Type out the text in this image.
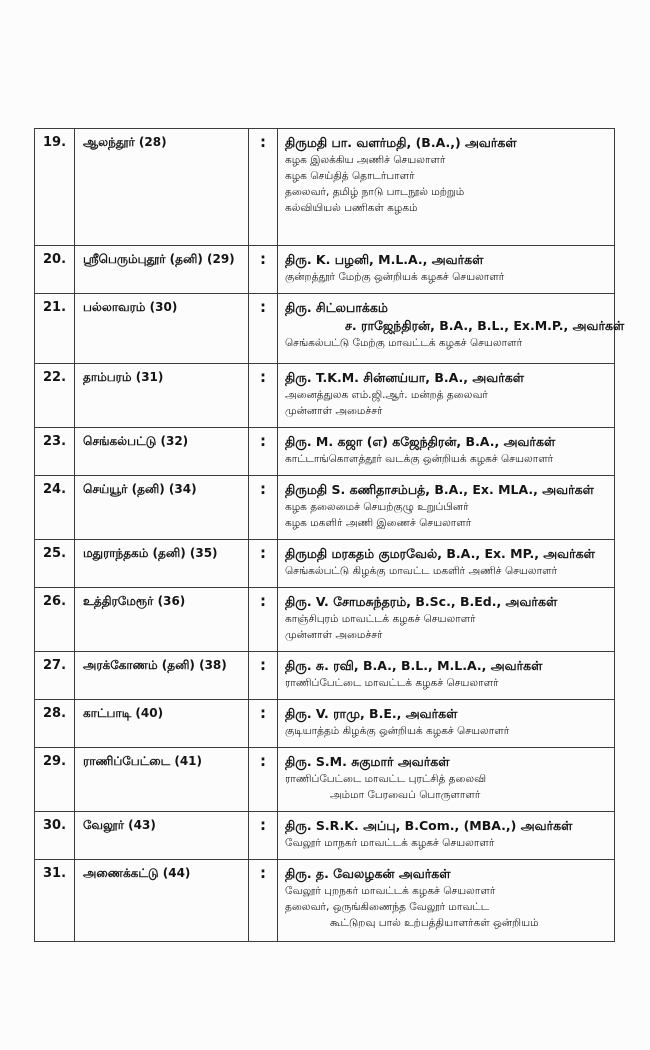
19.	ஆலந்தூர் (28)	:	திருமதி பா. வளர்மதி, (B.A.,) அவர்கள்
கழக இலக்கிய அணிச் செயலாளர்
கழக செய்தித் தொடர்பாளர்
தலைவர், தமிழ் நாடு பாடநூல் மற்றும்
கல்வியியல் பணிகள் கழகம்

20.	ஸ்ரீபெரும்புதூர் (தனி) (29)	:	திரு. K. பழனி, M.L.A., அவர்கள்
குன்றத்தூர் மேற்கு ஒன்றியக் கழகச் செயலாளர்

21.	பல்லாவரம் (30)	:	திரு. சிட்லபாக்கம்
ச. ராஜேந்திரன், B.A., B.L., Ex.M.P., அவர்கள்
செங்கல்பட்டு மேற்கு மாவட்டக் கழகச் செயலாளர்

22.	தாம்பரம் (31)	:	திரு. T.K.M. சின்னய்யா, B.A., அவர்கள்
அனைத்துலக எம்.ஜி.ஆர். மன்றத் தலைவர்
முன்னாள் அமைச்சர்

23.	செங்கல்பட்டு (32)	:	திரு. M. கஜா (எ) கஜேந்திரன், B.A., அவர்கள்
காட்டாங்கொளத்தூர் வடக்கு ஒன்றியக் கழகச் செயலாளர்

24.	செய்யூர் (தனி) (34)	:	திருமதி S. கணிதாசம்பத், B.A., Ex. MLA., அவர்கள்
கழக தலைமைச் செயற்குழு உறுப்பினர்
கழக மகளிர் அணி இணைச் செயலாளர்

25.	மதுராந்தகம் (தனி) (35)	:	திருமதி மரகதம் குமரவேல், B.A., Ex. MP., அவர்கள்
செங்கல்பட்டு கிழக்கு மாவட்ட மகளிர் அணிச் செயலாளர்

26.	உத்திரமேரூர் (36)	:	திரு. V. சோமசுந்தரம், B.Sc., B.Ed., அவர்கள்
காஞ்சிபுரம் மாவட்டக் கழகச் செயலாளர்
முன்னாள் அமைச்சர்

27.	அரக்கோணம் (தனி) (38)	:	திரு. சு. ரவி, B.A., B.L., M.L.A., அவர்கள்
ராணிப்பேட்டை மாவட்டக் கழகச் செயலாளர்

28.	காட்பாடி (40)	:	திரு. V. ராமு, B.E., அவர்கள்
குடியாத்தம் கிழக்கு ஒன்றியக் கழகச் செயலாளர்

29.	ராணிப்பேட்டை (41)	:	திரு. S.M. சுகுமார் அவர்கள்
ராணிப்பேட்டை மாவட்ட புரட்சித் தலைவி
அம்மா பேரவைப் பொருளாளர்

30.	வேலூர் (43)	:	திரு. S.R.K. அப்பு, B.Com., (MBA.,) அவர்கள்
வேலூர் மாநகர் மாவட்டக் கழகச் செயலாளர்

31.	அணைக்கட்டு (44)	:	திரு. த. வேலழகன் அவர்கள்
வேலூர் புறநகர் மாவட்டக் கழகச் செயலாளர்
தலைவர், ஒருங்கிணைந்த வேலூர் மாவட்ட
கூட்டுறவு பால் உற்பத்தியாளர்கள் ஒன்றியம்
